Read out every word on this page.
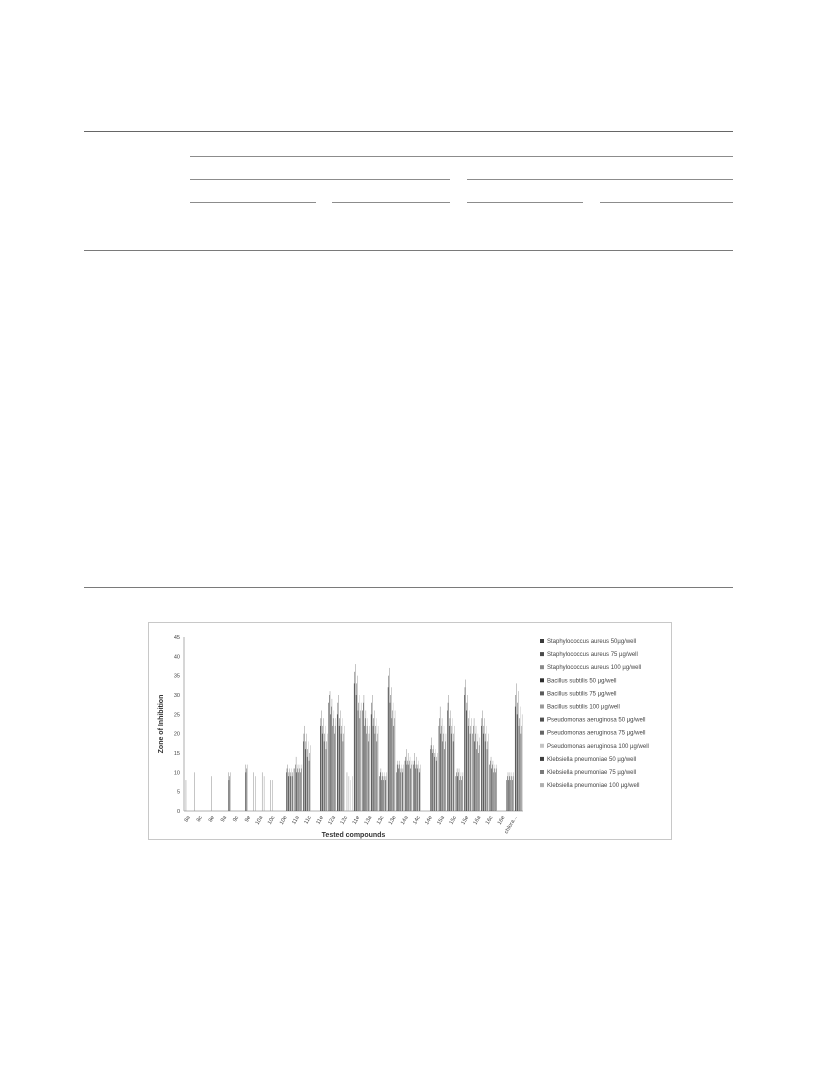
0
5
10
15
20
25
30
35
40
45
8a 8c 8e 9a 9c 9e 10a 10c 10e 11a 11c 11e 12a 12c 11e 13a 13c 13e 14a 14c 14e 15a 15c 15e 16a 16c 16e
chlora...
Zone of Inhibition
Tested compounds
Staphylococcus aureus 50µg/well
Staphylococcus aureus 75 µg/well
Staphylococcus aureus 100 µg/well
Bacillus subtilis 50 µg/well
Bacillus subtilis 75 µg/well
Bacillus subtilis 100 µg/well
Pseudomonas aeruginosa 50 µg/well
Pseudomonas aeruginosa 75 µg/well
Pseudomonas aeruginosa 100 µg/well
Klebsiella pneumoniae 50 µg/well
Klebsiella pneumoniae 75 µg/well
Klebsiella pneumoniae 100 µg/well
